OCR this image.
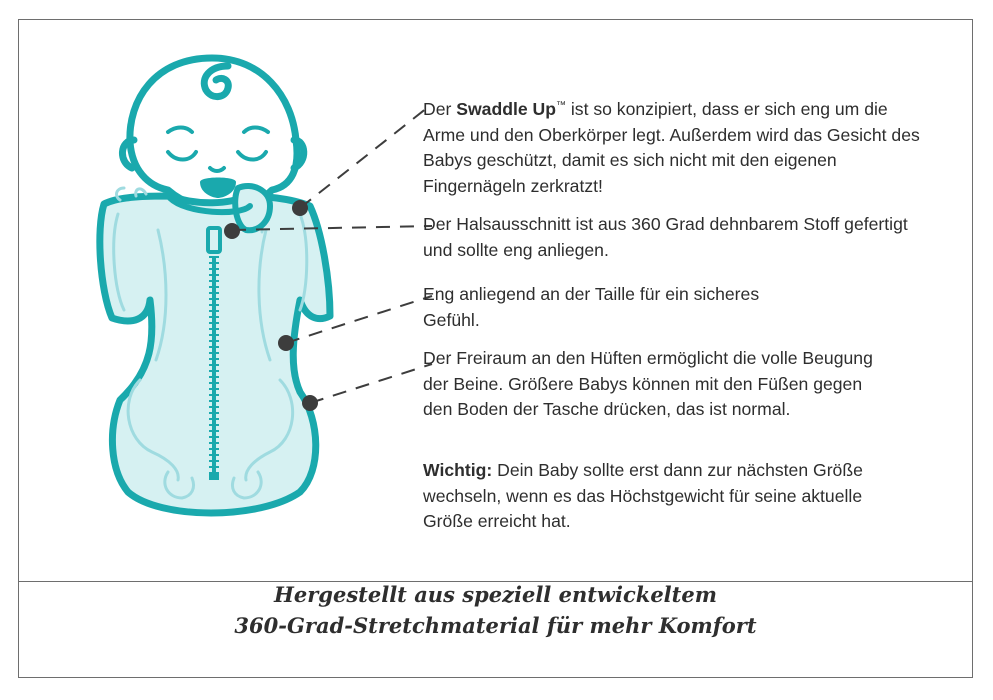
Der Swaddle Up™ ist so konzipiert, dass er sich eng um die Arme und den Oberkörper legt. Außerdem wird das Gesicht des Babys geschützt, damit es sich nicht mit den eigenen Fingernägeln zerkratzt!

Der Halsausschnitt ist aus 360 Grad dehnbarem Stoff gefertigt und sollte eng anliegen.

Eng anliegend an der Taille für ein sicheres Gefühl.

Der Freiraum an den Hüften ermöglicht die volle Beugung der Beine. Größere Babys können mit den Füßen gegen den Boden der Tasche drücken, das ist normal.

Wichtig: Dein Baby sollte erst dann zur nächsten Größe wechseln, wenn es das Höchstgewicht für seine aktuelle Größe erreicht hat.

Hergestellt aus speziell entwickeltem
360-Grad-Stretchmaterial für mehr Komfort
